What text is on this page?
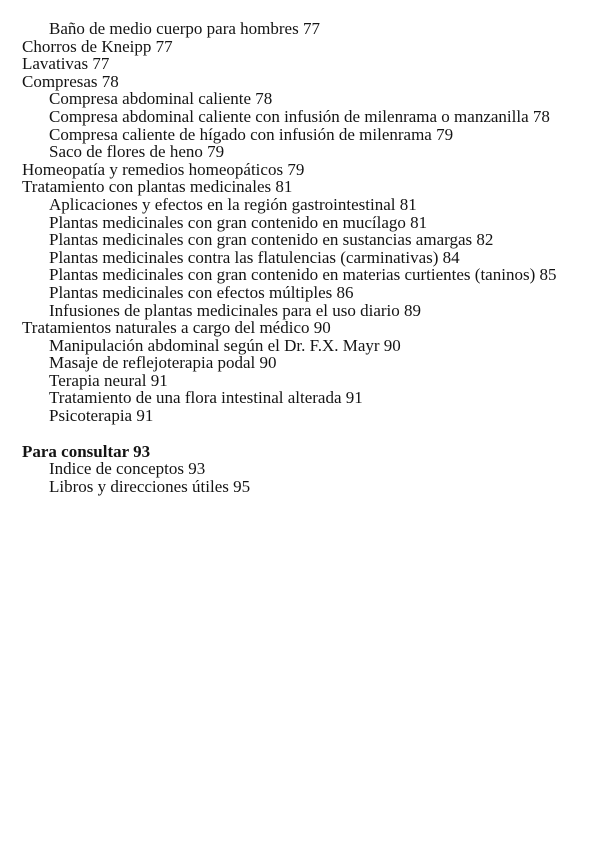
Baño de medio cuerpo para hombres 77
Chorros de Kneipp 77
Lavativas 77
Compresas 78
Compresa abdominal caliente 78
Compresa abdominal caliente con infusión de milenrama o manzanilla 78
Compresa caliente de hígado con infusión de milenrama 79
Saco de flores de heno 79
Homeopatía y remedios homeopáticos 79
Tratamiento con plantas medicinales 81
Aplicaciones y efectos en la región gastrointestinal 81
Plantas medicinales con gran contenido en mucílago 81
Plantas medicinales con gran contenido en sustancias amargas 82
Plantas medicinales contra las flatulencias (carminativas) 84
Plantas medicinales con gran contenido en materias curtientes (taninos) 85
Plantas medicinales con efectos múltiples 86
Infusiones de plantas medicinales para el uso diario 89
Tratamientos naturales a cargo del médico 90
Manipulación abdominal según el Dr. F.X. Mayr 90
Masaje de reflejoterapia podal 90
Terapia neural 91
Tratamiento de una flora intestinal alterada 91
Psicoterapia 91
Para consultar 93
Indice de conceptos 93
Libros y direcciones útiles 95
